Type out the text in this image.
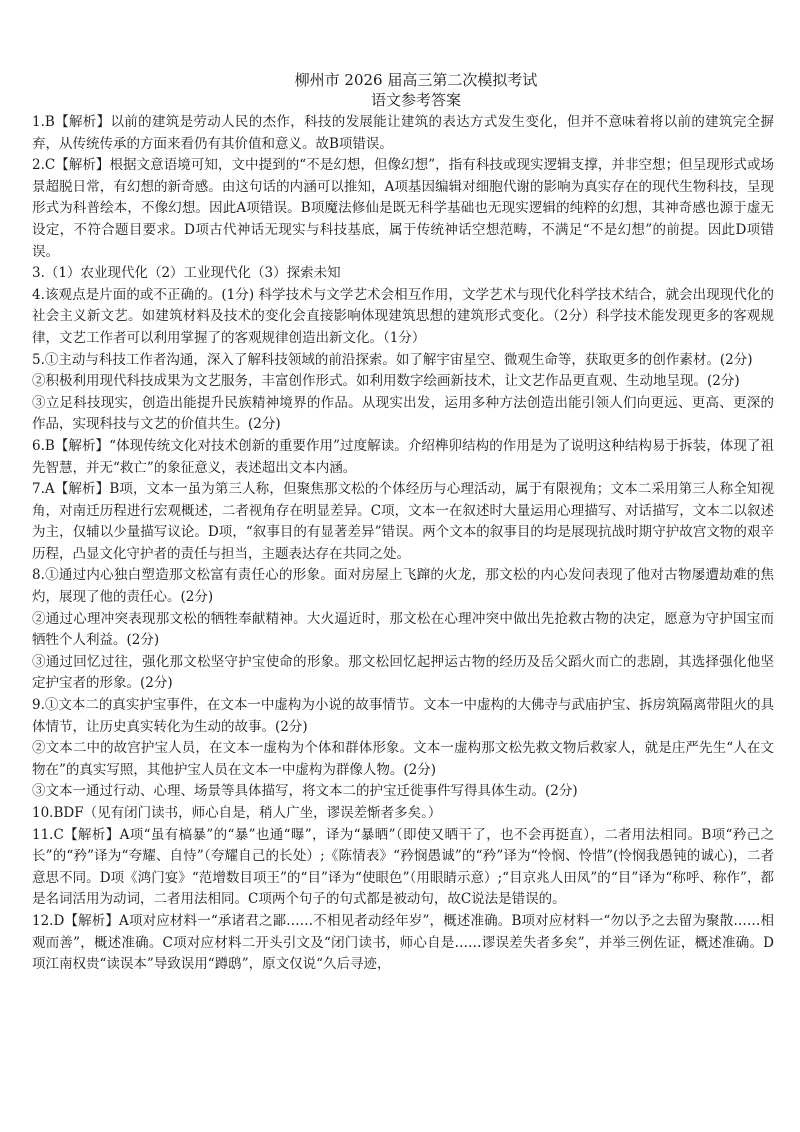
柳州市 2026 届高三第二次模拟考试
语文参考答案

1.B【解析】以前的建筑是劳动人民的杰作，科技的发展能让建筑的表达方式发生变化，但并不意味着将以前的建筑完全摒弃，从传统传承的方面来看仍有其价值和意义。故B项错误。

2.C【解析】根据文意语境可知，文中提到的“不是幻想，但像幻想”，指有科技或现实逻辑支撑，并非空想；但呈现形式或场景超脱日常，有幻想的新奇感。由这句话的内涵可以推知，A项基因编辑对细胞代谢的影响为真实存在的现代生物科技，呈现形式为科普绘本，不像幻想。因此A项错误。B项魔法修仙是既无科学基础也无现实逻辑的纯粹的幻想，其神奇感也源于虚无设定，不符合题目要求。D项古代神话无现实与科技基底，属于传统神话空想范畴，不满足“不是幻想”的前提。因此D项错误。

3.（1）农业现代化（2）工业现代化（3）探索未知

4.该观点是片面的或不正确的。(1分) 科学技术与文学艺术会相互作用，文学艺术与现代化科学技术结合，就会出现现代化的社会主义新文艺。如建筑材料及技术的变化会直接影响体现建筑思想的建筑形式变化。（2分）科学技术能发现更多的客观规律，文艺工作者可以利用掌握了的客观规律创造出新文化。（1分）

5.①主动与科技工作者沟通，深入了解科技领域的前沿探索。如了解宇宙星空、微观生命等，获取更多的创作素材。(2分)

②积极利用现代科技成果为文艺服务，丰富创作形式。如利用数字绘画新技术，让文艺作品更直观、生动地呈现。(2分)

③立足科技现实，创造出能提升民族精神境界的作品。从现实出发，运用多种方法创造出能引领人们向更远、更高、更深的作品，实现科技与文艺的价值共生。(2分)

6.B【解析】“体现传统文化对技术创新的重要作用”过度解读。介绍榫卯结构的作用是为了说明这种结构易于拆装，体现了祖先智慧，并无“救亡”的象征意义，表述超出文本内涵。

7.A【解析】B项，文本一虽为第三人称，但聚焦那文松的个体经历与心理活动，属于有限视角；文本二采用第三人称全知视角，对南迁历程进行宏观概述，二者视角存在明显差异。C项，文本一在叙述时大量运用心理描写、对话描写，文本二以叙述为主，仅辅以少量描写议论。D项，“叙事目的有显著差异”错误。两个文本的叙事目的均是展现抗战时期守护故宫文物的艰辛历程，凸显文化守护者的责任与担当，主题表达存在共同之处。

8.①通过内心独白塑造那文松富有责任心的形象。面对房屋上飞蹿的火龙，那文松的内心发问表现了他对古物屡遭劫难的焦灼，展现了他的责任心。(2分)

②通过心理冲突表现那文松的牺牲奉献精神。大火逼近时，那文松在心理冲突中做出先抢救古物的决定，愿意为守护国宝而牺牲个人利益。(2分)

③通过回忆过往，强化那文松坚守护宝使命的形象。那文松回忆起押运古物的经历及岳父蹈火而亡的悲剧，其选择强化他坚定护宝者的形象。(2分)

9.①文本二的真实护宝事件，在文本一中虚构为小说的故事情节。文本一中虚构的大佛寺与武庙护宝、拆房筑隔离带阻火的具体情节，让历史真实转化为生动的故事。(2分)

②文本二中的故宫护宝人员，在文本一虚构为个体和群体形象。文本一虚构那文松先救文物后救家人，就是庄严先生“人在文物在”的真实写照，其他护宝人员在文本一中虚构为群像人物。(2分)

③文本一通过行动、心理、场景等具体描写，将文本二的护宝迁徙事件写得具体生动。(2分)

10.BDF（见有闭门读书，师心自是，稍人广坐，谬误差惭者多矣。）

11.C【解析】A项“虽有槁暴”的“暴”也通“曝”，译为“暴晒”（即使又晒干了，也不会再挺直），二者用法相同。B项“矜己之长”的“矜”译为“夸耀、自恃”（夸耀自己的长处）;《陈情表》“矜悯愚诚”的“矜”译为“怜悯、怜惜”(怜悯我愚钝的诚心)，二者意思不同。D项《鸿门宴》“范增数目项王”的“目”译为“使眼色”（用眼睛示意）;“目京兆人田凤”的“目”译为“称呼、称作”，都是名词活用为动词，二者用法相同。C项两个句子的句式都是被动句，故C说法是错误的。

12.D【解析】A项对应材料一“承诸君之鄙……不相见者动经年岁”，概述准确。B项对应材料一“勿以予之去留为聚散……相观而善”，概述准确。C项对应材料二开头引文及“闭门读书，师心自是……谬误差失者多矣”，并举三例佐证，概述准确。D项江南权贵“读误本”导致误用“蹲鸱”，原文仅说“久后寻迹，
